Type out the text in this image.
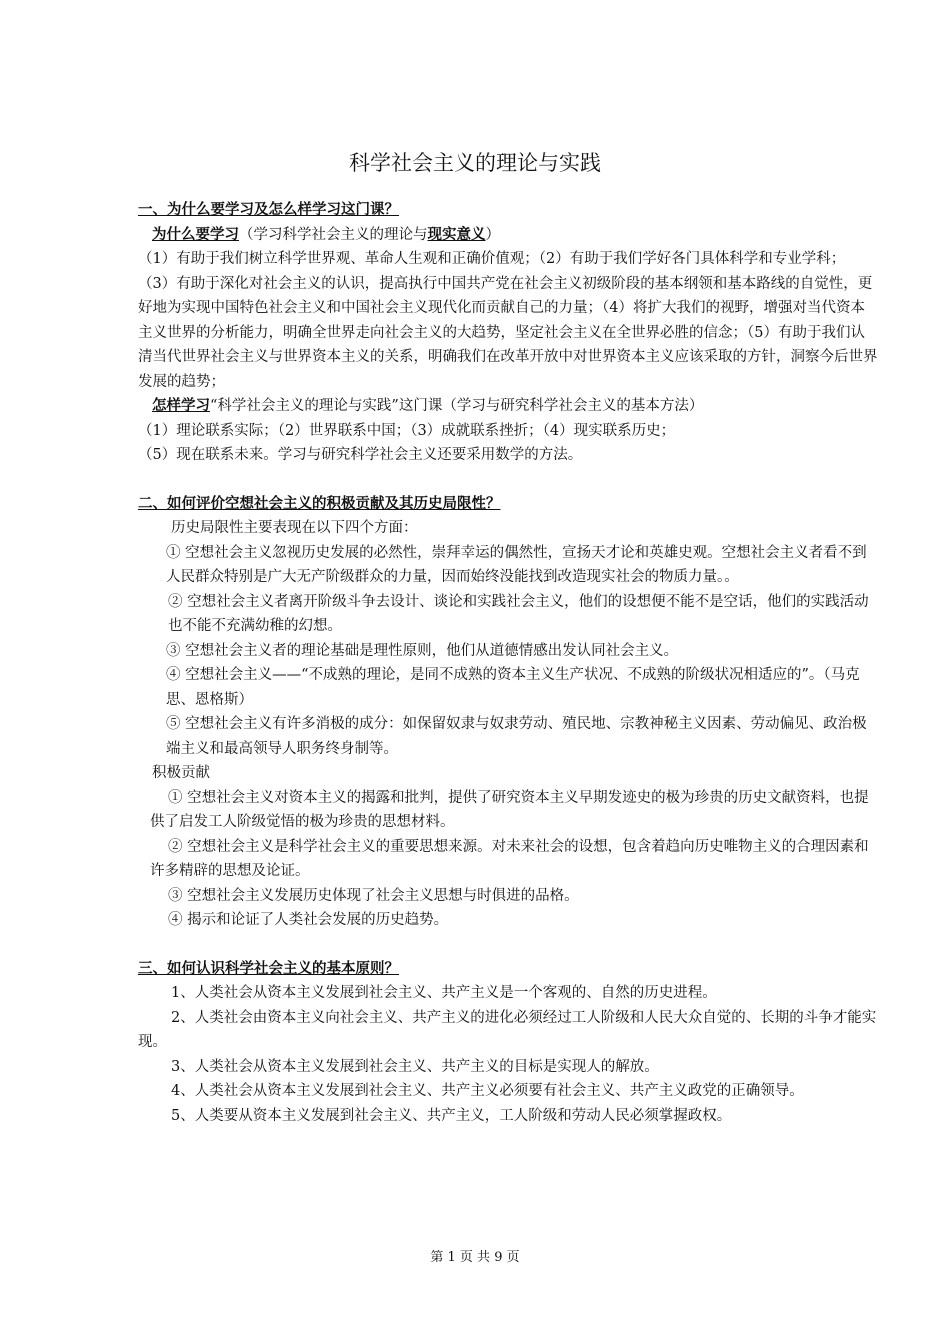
科学社会主义的理论与实践
一、为什么要学习及怎么样学习这门课？

为什么要学习（学习科学社会主义的理论与现实意义）

（1）有助于我们树立科学世界观、革命人生观和正确价值观；（2）有助于我们学好各门具体科学和专业学科；

（3）有助于深化对社会主义的认识，提高执行中国共产党在社会主义初级阶段的基本纲领和基本路线的自觉性，更好地为实现中国特色社会主义和中国社会主义现代化而贡献自己的力量；（4）将扩大我们的视野，增强对当代资本主义世界的分析能力，明确全世界走向社会主义的大趋势，坚定社会主义在全世界必胜的信念；（5）有助于我们认清当代世界社会主义与世界资本主义的关系，明确我们在改革开放中对世界资本主义应该采取的方针，洞察今后世界发展的趋势；

怎样学习“科学社会主义的理论与实践”这门课（学习与研究科学社会主义的基本方法）

（1）理论联系实际；（2）世界联系中国；（3）成就联系挫折；（4）现实联系历史；

（5）现在联系未来。学习与研究科学社会主义还要采用数学的方法。

二、如何评价空想社会主义的积极贡献及其历史局限性？

历史局限性主要表现在以下四个方面：

① 空想社会主义忽视历史发展的必然性，崇拜幸运的偶然性，宣扬天才论和英雄史观。空想社会主义者看不到人民群众特别是广大无产阶级群众的力量，因而始终没能找到改造现实社会的物质力量。。

② 空想社会主义者离开阶级斗争去设计、谈论和实践社会主义，他们的设想便不能不是空话，他们的实践活动也不能不充满幼稚的幻想。

③ 空想社会主义者的理论基础是理性原则，他们从道德情感出发认同社会主义。

④ 空想社会主义——“不成熟的理论，是同不成熟的资本主义生产状况、不成熟的阶级状况相适应的”。（马克思、恩格斯）

⑤ 空想社会主义有许多消极的成分：如保留奴隶与奴隶劳动、殖民地、宗教神秘主义因素、劳动偏见、政治极端主义和最高领导人职务终身制等。

积极贡献

① 空想社会主义对资本主义的揭露和批判，提供了研究资本主义早期发迹史的极为珍贵的历史文献资料，也提供了启发工人阶级觉悟的极为珍贵的思想材料。

② 空想社会主义是科学社会主义的重要思想来源。对未来社会的设想，包含着趋向历史唯物主义的合理因素和许多精辟的思想及论证。

③ 空想社会主义发展历史体现了社会主义思想与时俱进的品格。

④ 揭示和论证了人类社会发展的历史趋势。

三、如何认识科学社会主义的基本原则？

1、人类社会从资本主义发展到社会主义、共产主义是一个客观的、自然的历史进程。

2、人类社会由资本主义向社会主义、共产主义的进化必须经过工人阶级和人民大众自觉的、长期的斗争才能实现。

3、人类社会从资本主义发展到社会主义、共产主义的目标是实现人的解放。

4、人类社会从资本主义发展到社会主义、共产主义必须要有社会主义、共产主义政党的正确领导。

5、人类要从资本主义发展到社会主义、共产主义，工人阶级和劳动人民必须掌握政权。

第 1 页 共 9 页
